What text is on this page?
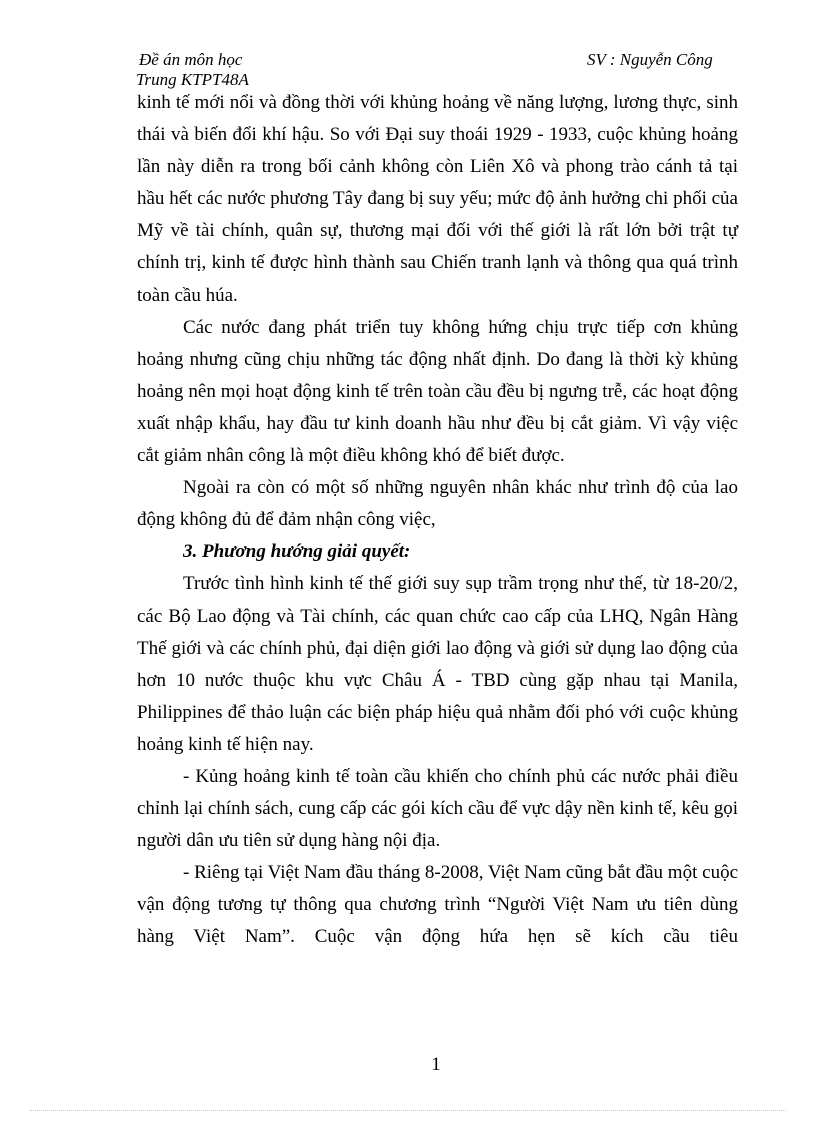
Đề án môn học
Trung KTPT48A
SV : Nguyễn Công

kinh tế mới nổi và đồng thời với khủng hoảng về năng lượng, lương thực, sinh thái và biến đổi khí hậu. So với Đại suy thoái 1929 - 1933, cuộc khủng hoảng lần này diễn ra trong bối cảnh không còn Liên Xô và phong trào cánh tả tại hầu hết các nước phương Tây đang bị suy yếu; mức độ ảnh hưởng chi phối của Mỹ về tài chính, quân sự, thương mại đối với thế giới là rất lớn bởi trật tự chính trị, kinh tế được hình thành sau Chiến tranh lạnh và thông qua quá trình toàn cầu húa.

Các nước đang phát triển tuy không hứng chịu trực tiếp cơn khủng hoảng nhưng cũng chịu những tác động nhất định. Do đang là thời kỳ khủng hoảng nên mọi hoạt động kinh tế trên toàn cầu đều bị ngưng trễ, các hoạt động xuất nhập khẩu, hay đầu tư kinh doanh hầu như đều bị cắt giảm. Vì vậy việc cắt giảm nhân công là một điều không khó để biết được.

Ngoài ra còn có một số những nguyên nhân khác như trình độ của lao động không đủ để đảm nhận công việc,

3. Phương hướng giải quyết:

Trước tình hình kinh tế thế giới suy sụp trầm trọng như thế, từ 18-20/2, các Bộ Lao động và Tài chính, các quan chức cao cấp của LHQ, Ngân Hàng Thế giới và các chính phủ, đại diện giới lao động và giới sử dụng lao động của hơn 10 nước thuộc khu vực Châu Á - TBD cùng gặp nhau tại Manila, Philippines để thảo luận các biện pháp hiệu quả nhằm đối phó với cuộc khủng hoảng kinh tế hiện nay.

- Kủng hoảng kinh tế toàn cầu khiến cho chính phủ các nước phải điều chỉnh lại chính sách, cung cấp các gói kích cầu để vực dậy nền kinh tế, kêu gọi người dân ưu tiên sử dụng hàng nội địa.

- Riêng tại Việt Nam đầu tháng 8-2008, Việt Nam cũng bắt đầu một cuộc vận động tương tự thông qua chương trình “Người Việt Nam ưu tiên dùng hàng Việt Nam”. Cuộc vận động hứa hẹn sẽ kích cầu tiêu

1
